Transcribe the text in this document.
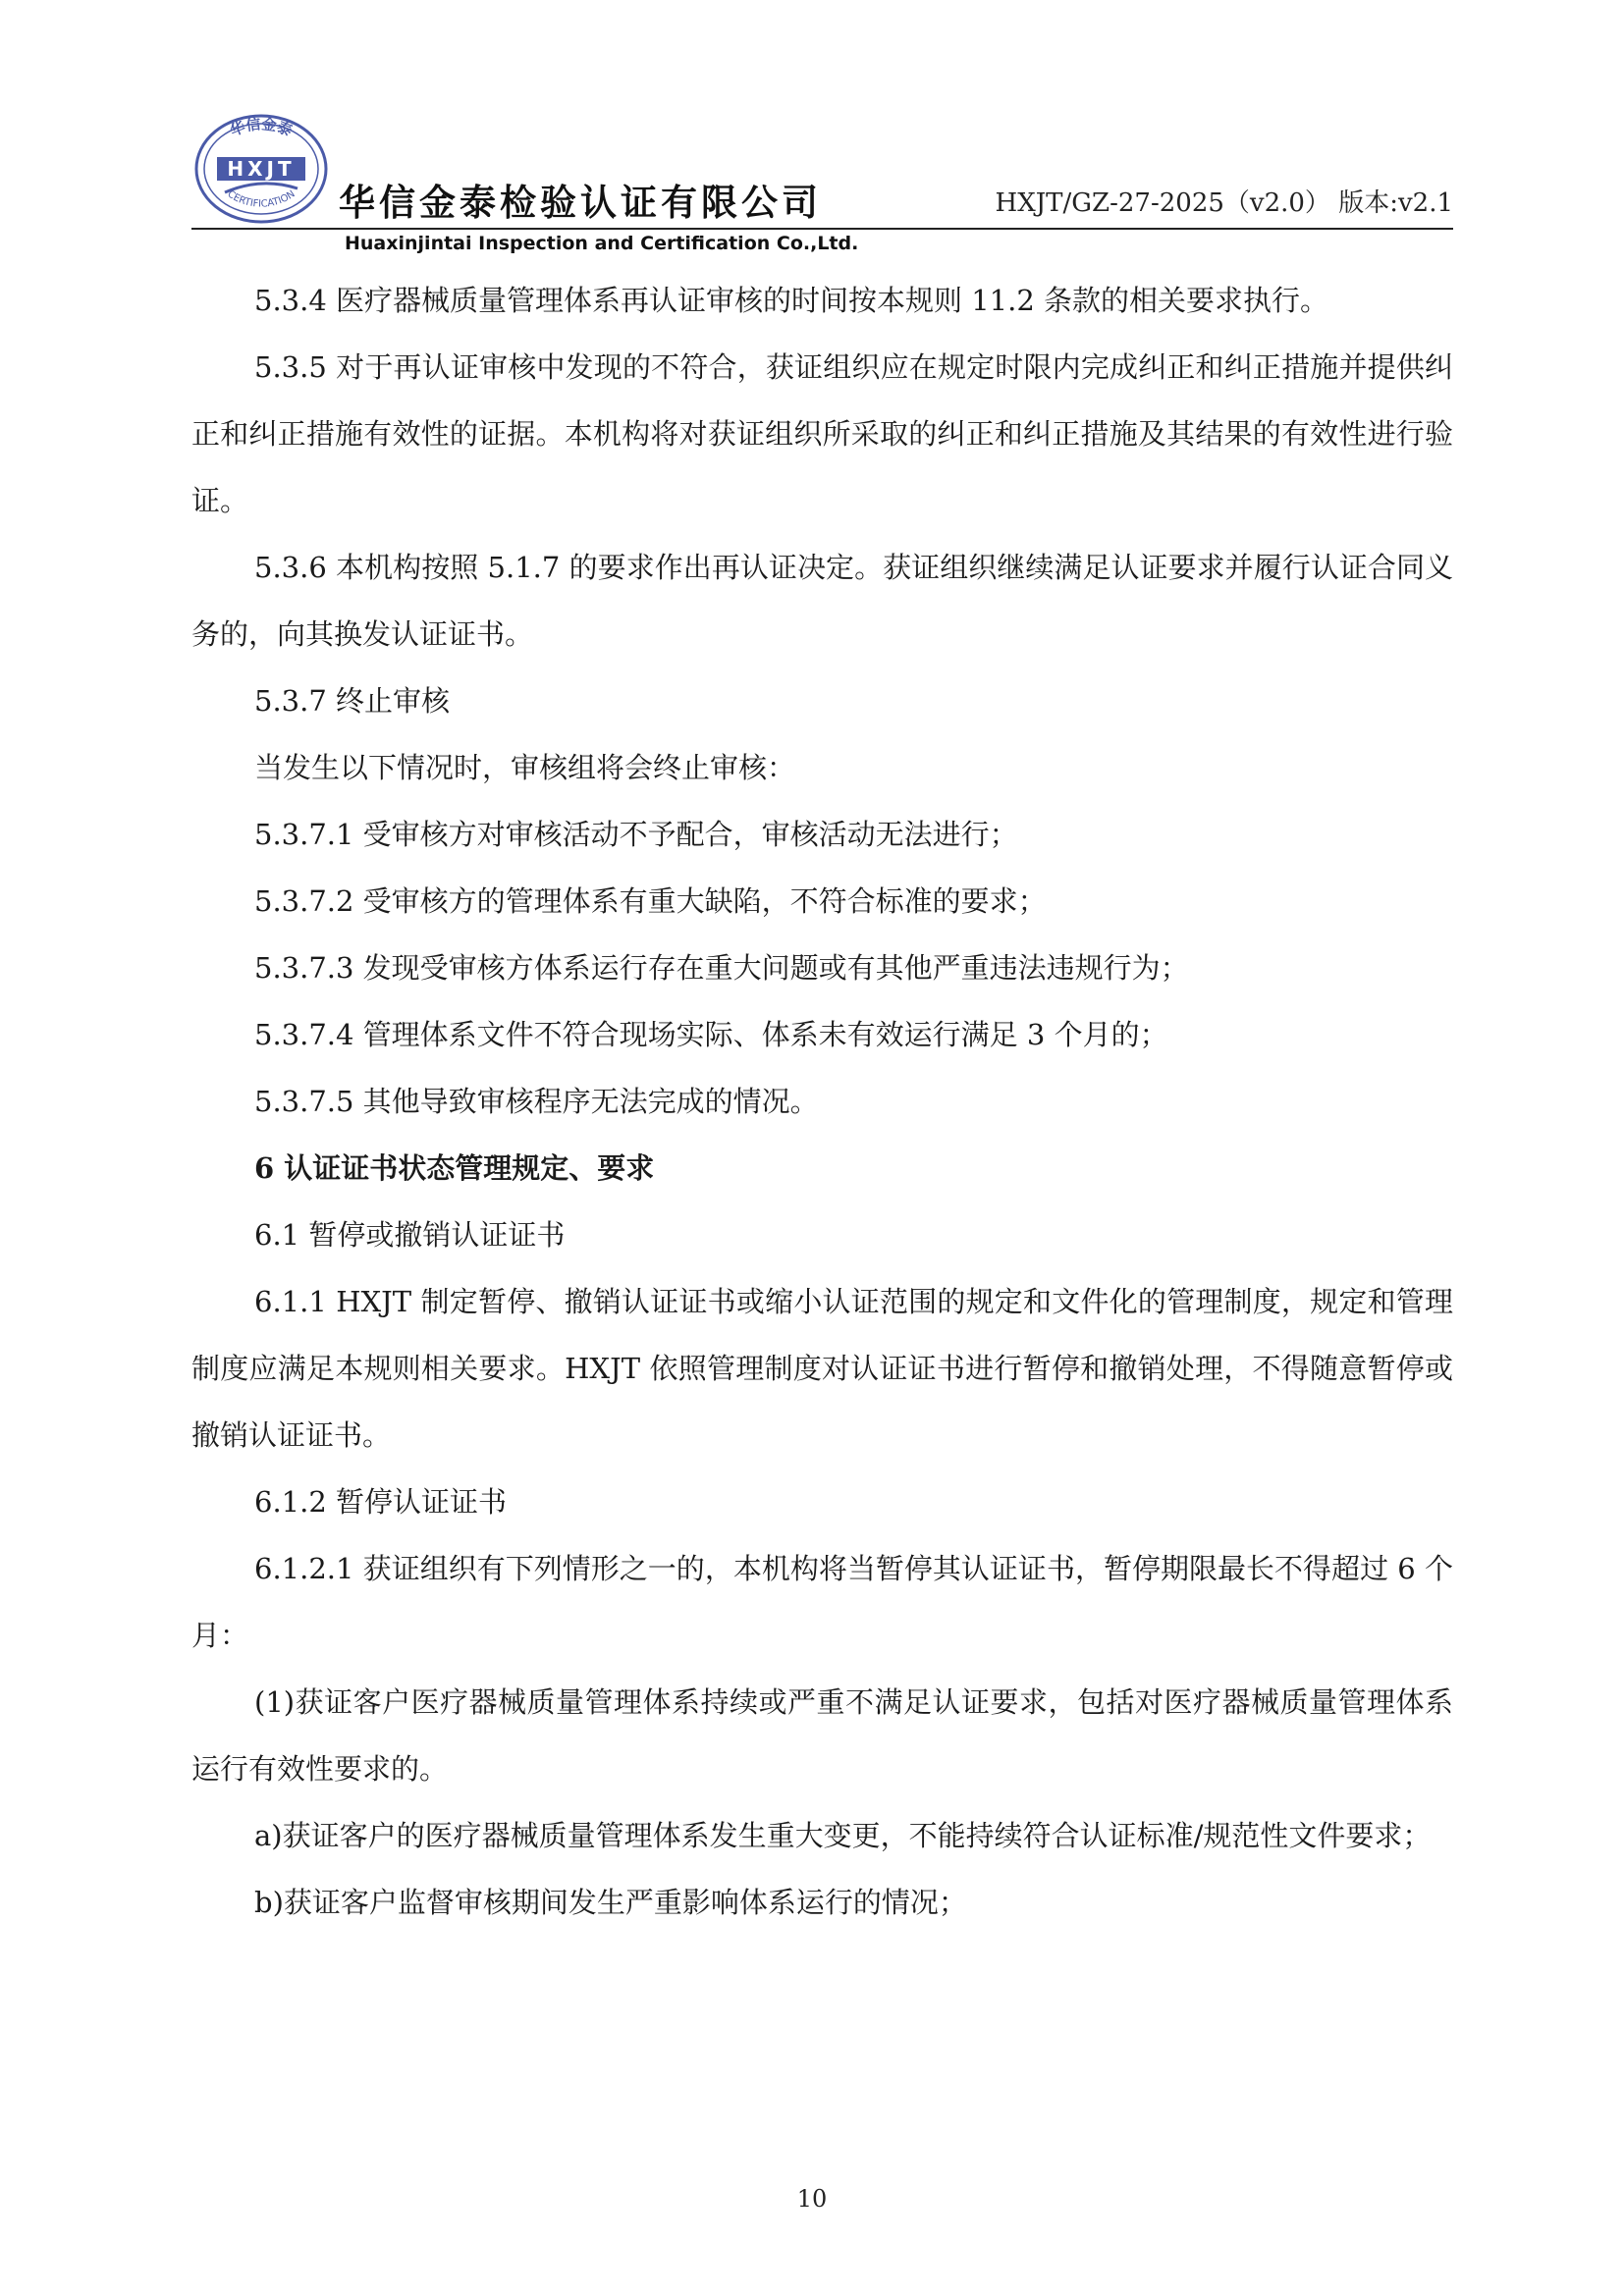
华信金泰
HXJT
CERTIFICATION 华信金泰检验认证有限公司	HXJT/GZ-27-2025（v2.0） 版本:v2.1
Huaxinjintai Inspection and Certification Co.,Ltd.

5.3.4 医疗器械质量管理体系再认证审核的时间按本规则 11.2 条款的相关要求执行。

5.3.5 对于再认证审核中发现的不符合，获证组织应在规定时限内完成纠正和纠正措施并提供纠正和纠正措施有效性的证据。本机构将对获证组织所采取的纠正和纠正措施及其结果的有效性进行验证。

5.3.6 本机构按照 5.1.7 的要求作出再认证决定。获证组织继续满足认证要求并履行认证合同义务的，向其换发认证证书。

5.3.7 终止审核

当发生以下情况时，审核组将会终止审核：

5.3.7.1 受审核方对审核活动不予配合，审核活动无法进行；

5.3.7.2 受审核方的管理体系有重大缺陷，不符合标准的要求；

5.3.7.3 发现受审核方体系运行存在重大问题或有其他严重违法违规行为；

5.3.7.4 管理体系文件不符合现场实际、体系未有效运行满足 3 个月的；

5.3.7.5 其他导致审核程序无法完成的情况。

6 认证证书状态管理规定、要求

6.1 暂停或撤销认证证书

6.1.1 HXJT 制定暂停、撤销认证证书或缩小认证范围的规定和文件化的管理制度，规定和管理制度应满足本规则相关要求。HXJT 依照管理制度对认证证书进行暂停和撤销处理，不得随意暂停或撤销认证证书。

6.1.2 暂停认证证书

6.1.2.1 获证组织有下列情形之一的，本机构将当暂停其认证证书，暂停期限最长不得超过 6 个月：

(1)获证客户医疗器械质量管理体系持续或严重不满足认证要求，包括对医疗器械质量管理体系运行有效性要求的。

a)获证客户的医疗器械质量管理体系发生重大变更，不能持续符合认证标准/规范性文件要求；

b)获证客户监督审核期间发生严重影响体系运行的情况；

10
